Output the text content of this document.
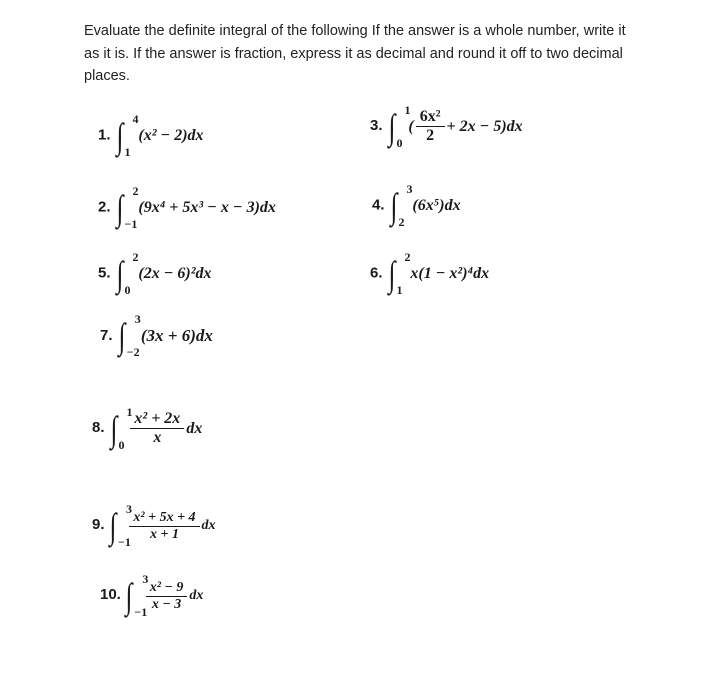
Evaluate the definite integral of the following If the answer is a whole number, write it as it is. If the answer is fraction, express it as decimal and round it off to two decimal places.
1. ∫ 4
1
(x² − 2)dx
3. ∫ 1
0
( $\frac{\text{6x²}}{2} + 2x - 5)dx$
2. ∫ 2
−1
(9x⁴ + 5x³ − x − 3)dx	4. ∫ 3
2
(6x⁵)dx
5. ∫ 2
0
(2x − 6)²dx	6. ∫ 2
1
x(1 − x²)⁴dx
7. ∫ 3
−2
(3x + 6)dx
8. ∫ 1
0
$\frac{\text{x² + 2x}}{x}$ dx
9. ∫ 3
−1

$\frac{\text{x² + 5x + 4}}{x + 1}$ dx
10. ∫ 3
−1

$\frac{\text{x² − 9}}{x - 3}$ dx
